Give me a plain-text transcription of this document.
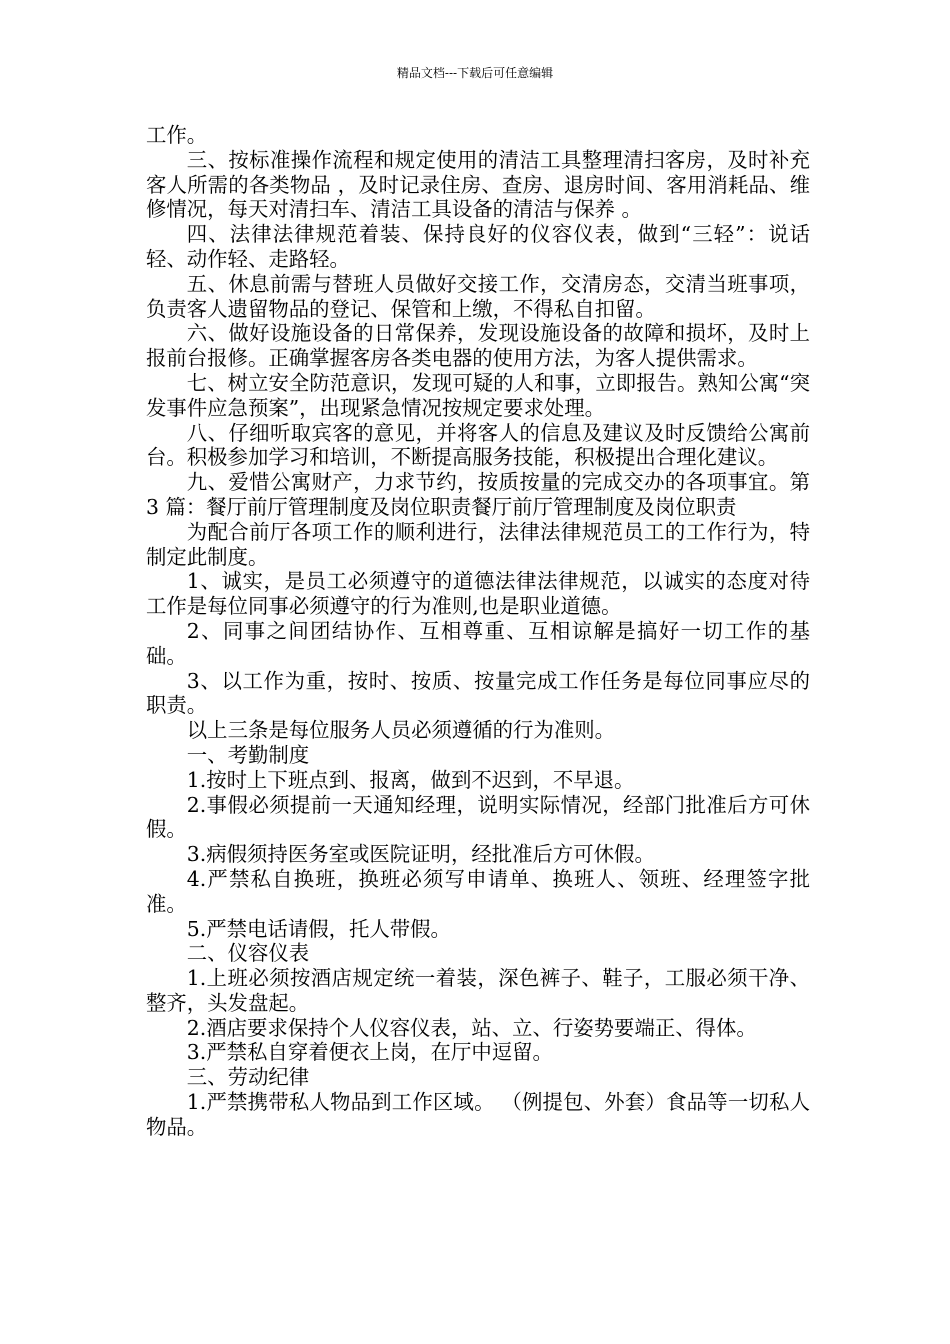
精品文档---下载后可任意编辑

工作。

三、按标准操作流程和规定使用的清洁工具整理清扫客房，及时补充客人所需的各类物品 ，及时记录住房、查房、退房时间、客用消耗品、维修情况，每天对清扫车、清洁工具设备的清洁与保养 。

四、法律法律规范着装、保持良好的仪容仪表，做到“三轻”：说话轻、动作轻、走路轻。

五、休息前需与替班人员做好交接工作，交清房态，交清当班事项，负责客人遗留物品的登记、保管和上缴，不得私自扣留。

六、做好设施设备的日常保养，发现设施设备的故障和损坏，及时上报前台报修。正确掌握客房各类电器的使用方法，为客人提供需求。

七、树立安全防范意识，发现可疑的人和事，立即报告。熟知公寓“突发事件应急预案”，出现紧急情况按规定要求处理。

八、仔细听取宾客的意见，并将客人的信息及建议及时反馈给公寓前台。积极参加学习和培训，不断提高服务技能，积极提出合理化建议。

九、爱惜公寓财产，力求节约，按质按量的完成交办的各项事宜。第 3 篇：餐厅前厅管理制度及岗位职责餐厅前厅管理制度及岗位职责

为配合前厅各项工作的顺利进行，法律法律规范员工的工作行为，特制定此制度。

1、诚实，是员工必须遵守的道德法律法律规范，以诚实的态度对待工作是每位同事必须遵守的行为准则,也是职业道德。

2、同事之间团结协作、互相尊重、互相谅解是搞好一切工作的基础。

3、以工作为重，按时、按质、按量完成工作任务是每位同事应尽的职责。

以上三条是每位服务人员必须遵循的行为准则。

一、考勤制度

1.按时上下班点到、报离，做到不迟到，不早退。

2.事假必须提前一天通知经理，说明实际情况，经部门批准后方可休假。

3.病假须持医务室或医院证明，经批准后方可休假。

4.严禁私自换班，换班必须写申请单、换班人、领班、经理签字批准。

5.严禁电话请假，托人带假。

二、仪容仪表

1.上班必须按酒店规定统一着装，深色裤子、鞋子，工服必须干净、整齐，头发盘起。

2.酒店要求保持个人仪容仪表，站、立、行姿势要端正、得体。

3.严禁私自穿着便衣上岗，在厅中逗留。

三、劳动纪律

1.严禁携带私人物品到工作区域。 （例提包、外套）食品等一切私人物品。
